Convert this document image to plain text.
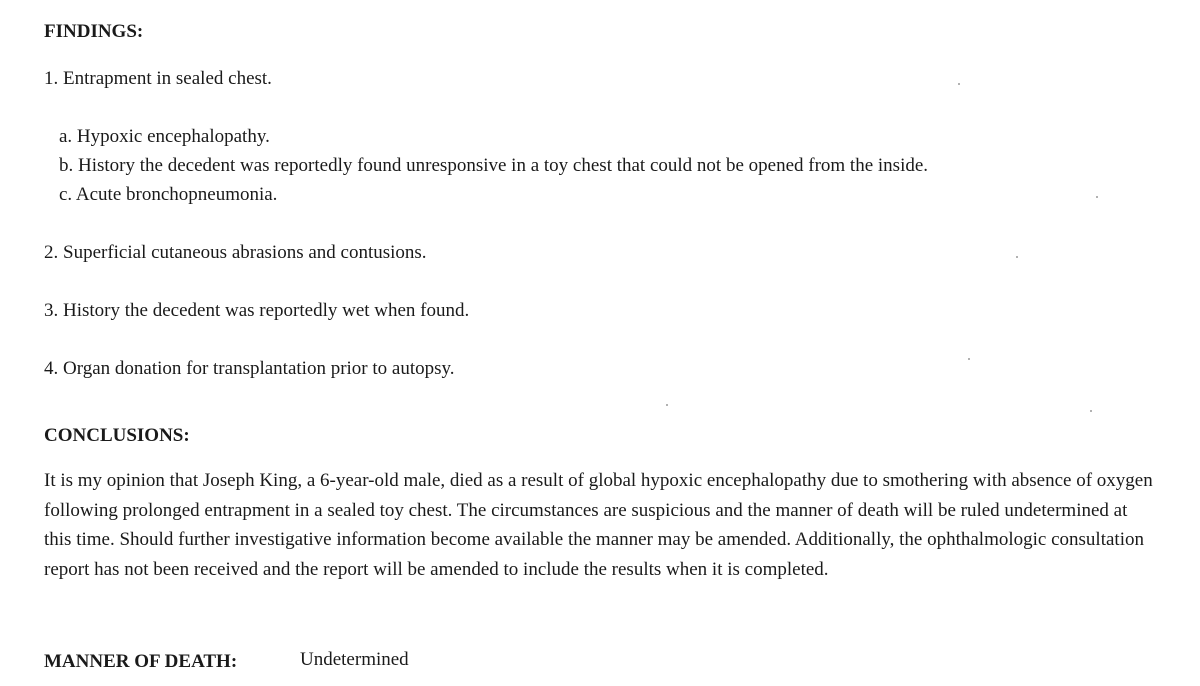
FINDINGS:
1. Entrapment in sealed chest.
a. Hypoxic encephalopathy.
b. History the decedent was reportedly found unresponsive in a toy chest that could not be opened from the inside.
c. Acute bronchopneumonia.
2. Superficial cutaneous abrasions and contusions.
3. History the decedent was reportedly wet when found.
4. Organ donation for transplantation prior to autopsy.
CONCLUSIONS:
It is my opinion that Joseph King, a 6-year-old male, died as a result of global hypoxic encephalopathy due to smothering with absence of oxygen following prolonged entrapment in a sealed toy chest. The circumstances are suspicious and the manner of death will be ruled undetermined at this time. Should further investigative information become available the manner may be amended. Additionally, the ophthalmologic consultation report has not been received and the report will be amended to include the results when it is completed.
MANNER OF DEATH:	Undetermined
